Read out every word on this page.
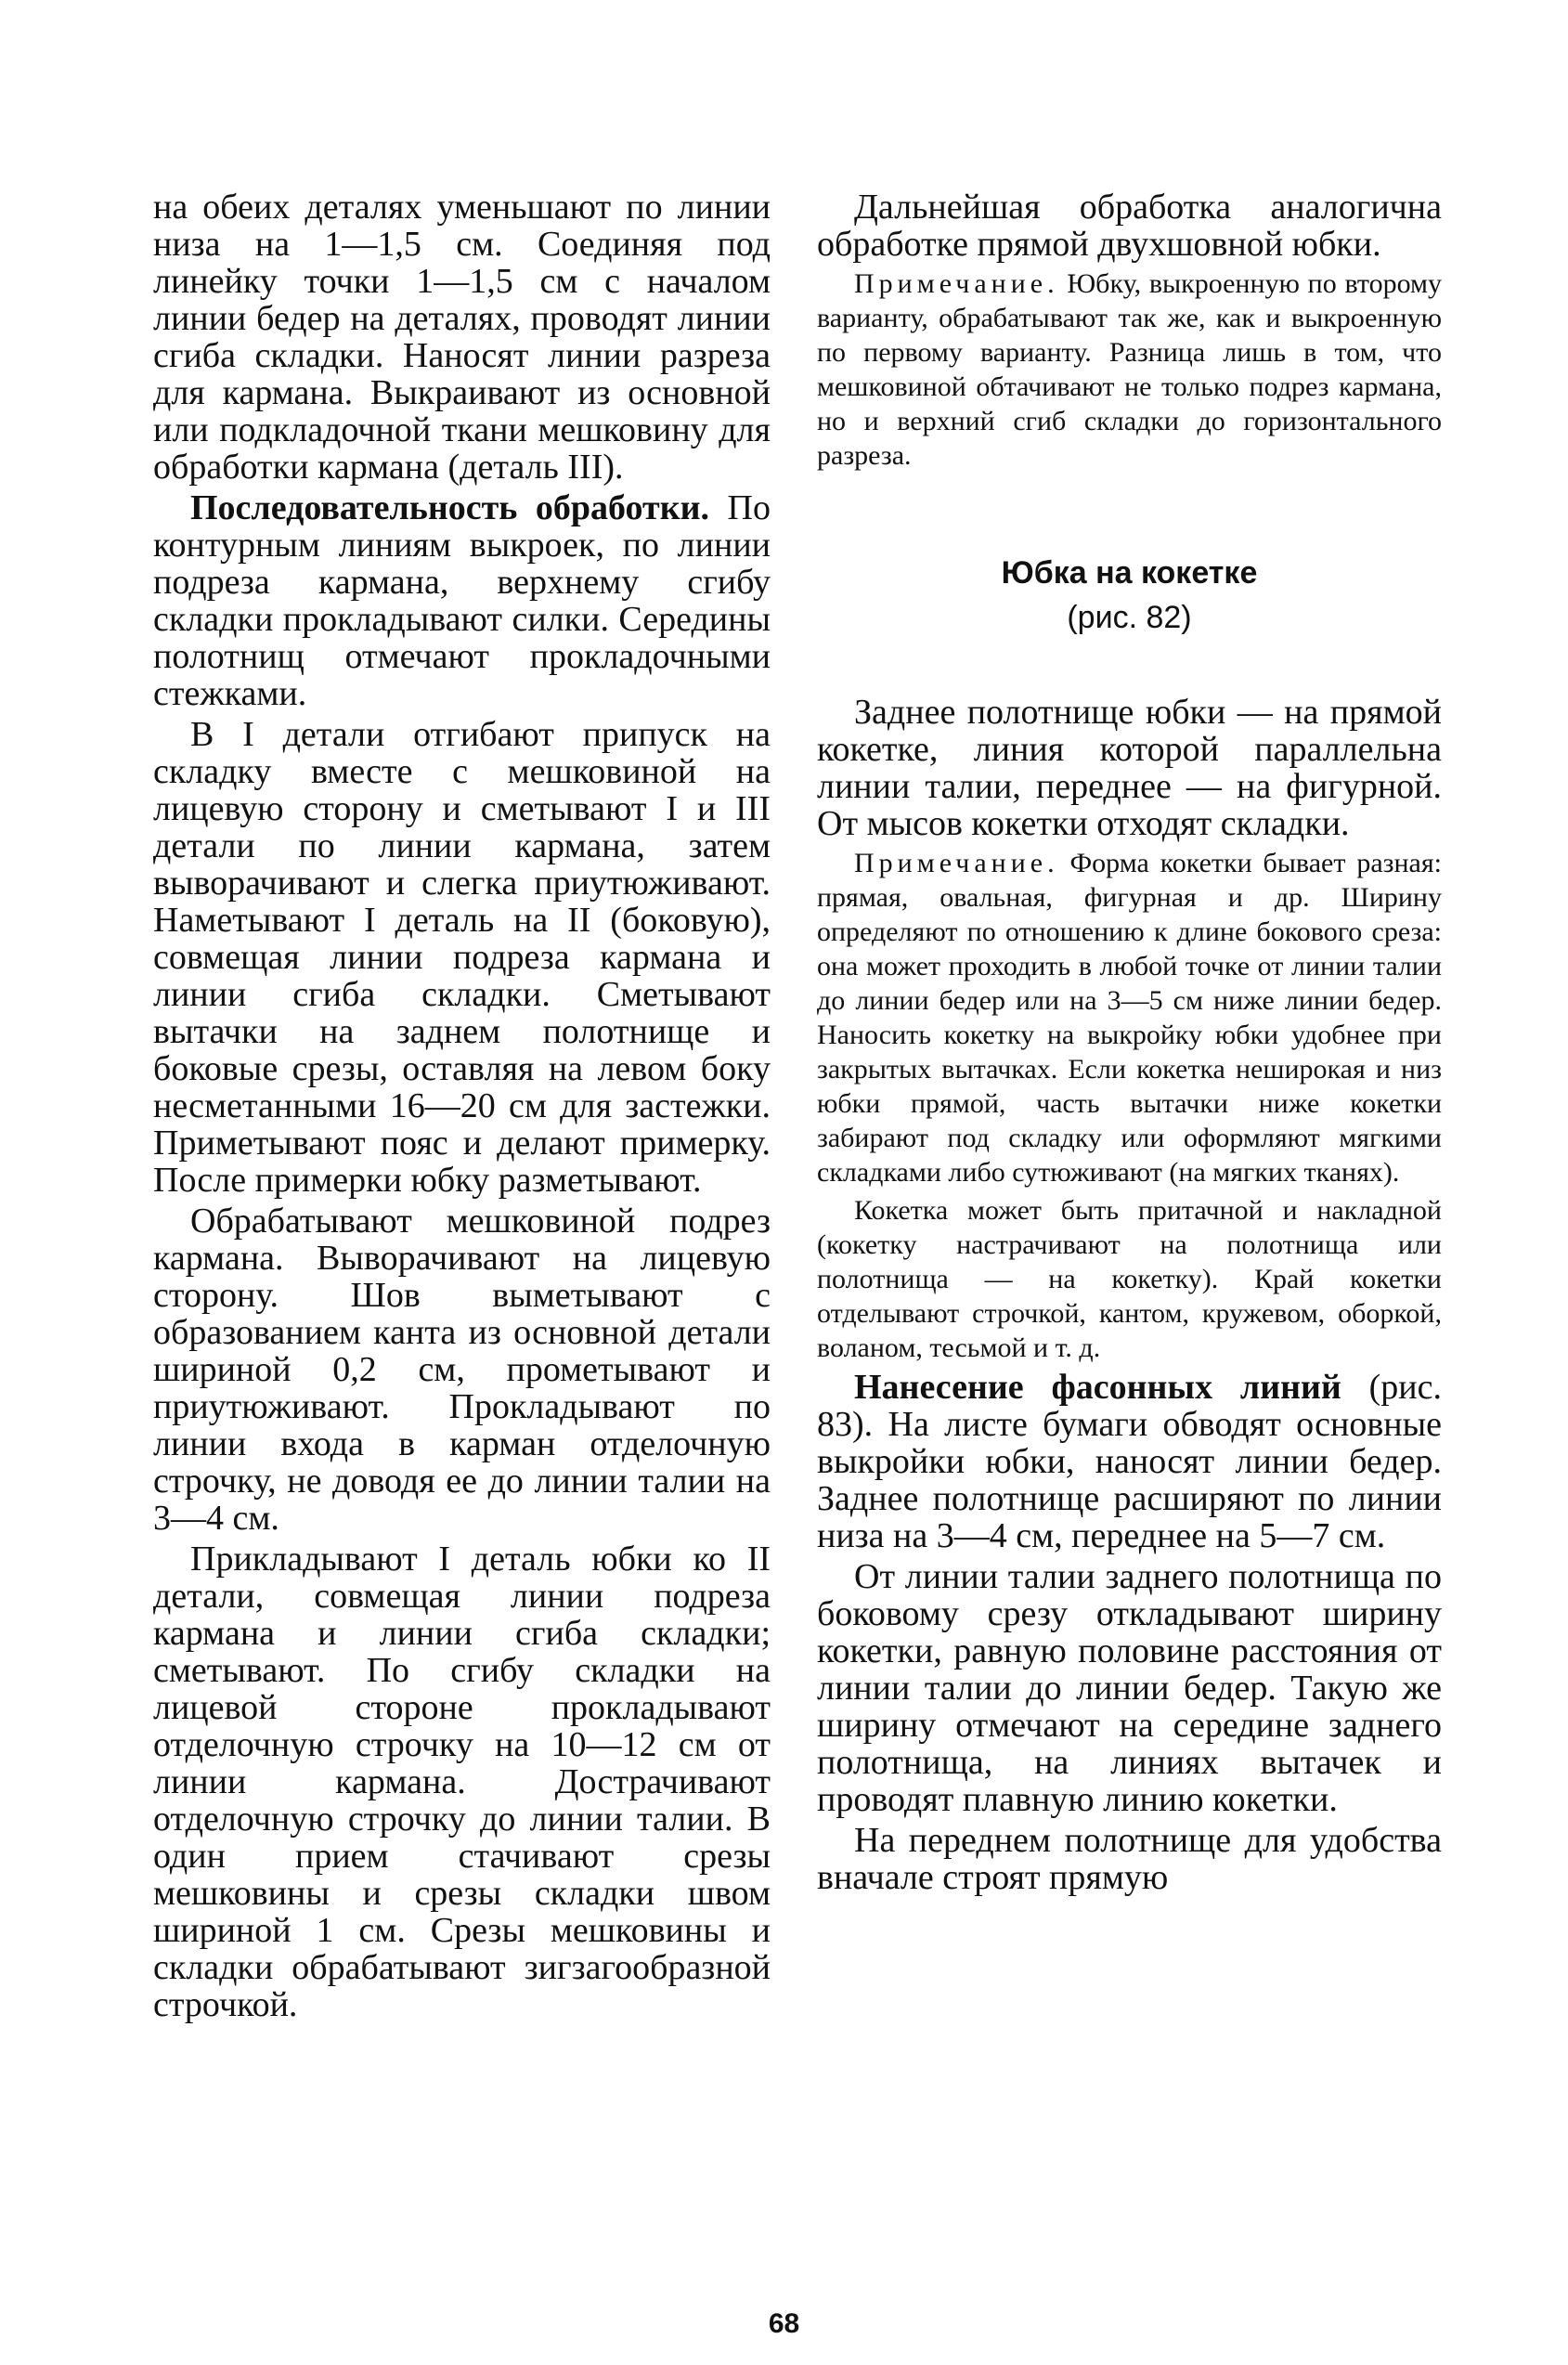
на обеих деталях уменьшают по линии низа на 1—1,5 см. Соединяя под линейку точки 1—1,5 см с началом линии бедер на деталях, проводят линии сгиба складки. Наносят линии разреза для кармана. Выкраивают из основной или подкладочной ткани мешковину для обработки кармана (деталь III).

Последовательность обработки. По контурным линиям выкроек, по линии подреза кармана, верхнему сгибу складки прокладывают силки. Середины полотнищ отмечают прокладочными стежками.

В I детали отгибают припуск на складку вместе с мешковиной на лицевую сторону и сметывают I и III детали по линии кармана, затем выворачивают и слегка приутюживают. Наметывают I деталь на II (боковую), совмещая линии подреза кармана и линии сгиба складки. Сметывают вытачки на заднем полотнище и боковые срезы, оставляя на левом боку несметанными 16—20 см для застежки. Приметывают пояс и делают примерку. После примерки юбку разметывают.

Обрабатывают мешковиной подрез кармана. Выворачивают на лицевую сторону. Шов выметывают с образованием канта из основной детали шириной 0,2 см, прометывают и приутюживают. Прокладывают по линии входа в карман отделочную строчку, не доводя ее до линии талии на 3—4 см.

Прикладывают I деталь юбки ко II детали, совмещая линии подреза кармана и линии сгиба складки; сметывают. По сгибу складки на лицевой стороне прокладывают отделочную строчку на 10—12 см от линии кармана. Дострачивают отделочную строчку до линии талии. В один прием стачивают срезы мешковины и срезы складки швом шириной 1 см. Срезы мешковины и складки обрабатывают зигзагообразной строчкой.

Дальнейшая обработка аналогична обработке прямой двухшовной юбки.

Примечание. Юбку, выкроенную по второму варианту, обрабатывают так же, как и выкроенную по первому варианту. Разница лишь в том, что мешковиной обтачивают не только подрез кармана, но и верхний сгиб складки до горизонтального разреза.

Юбка на кокетке
(рис. 82)

Заднее полотнище юбки — на прямой кокетке, линия которой параллельна линии талии, переднее — на фигурной. От мысов кокетки отходят складки.

Примечание. Форма кокетки бывает разная: прямая, овальная, фигурная и др. Ширину определяют по отношению к длине бокового среза: она может проходить в любой точке от линии талии до линии бедер или на 3—5 см ниже линии бедер. Наносить кокетку на выкройку юбки удобнее при закрытых вытачках. Если кокетка неширокая и низ юбки прямой, часть вытачки ниже кокетки забирают под складку или оформляют мягкими складками либо сутюживают (на мягких тканях).

Кокетка может быть притачной и накладной (кокетку настрачивают на полотнища или полотнища — на кокетку). Край кокетки отделывают строчкой, кантом, кружевом, оборкой, воланом, тесьмой и т. д.

Нанесение фасонных линий (рис. 83). На листе бумаги обводят основные выкройки юбки, наносят линии бедер. Заднее полотнище расширяют по линии низа на 3—4 см, переднее на 5—7 см.

От линии талии заднего полотнища по боковому срезу откладывают ширину кокетки, равную половине расстояния от линии талии до линии бедер. Такую же ширину отмечают на середине заднего полотнища, на линиях вытачек и проводят плавную линию кокетки.

На переднем полотнище для удобства вначале строят прямую

68
